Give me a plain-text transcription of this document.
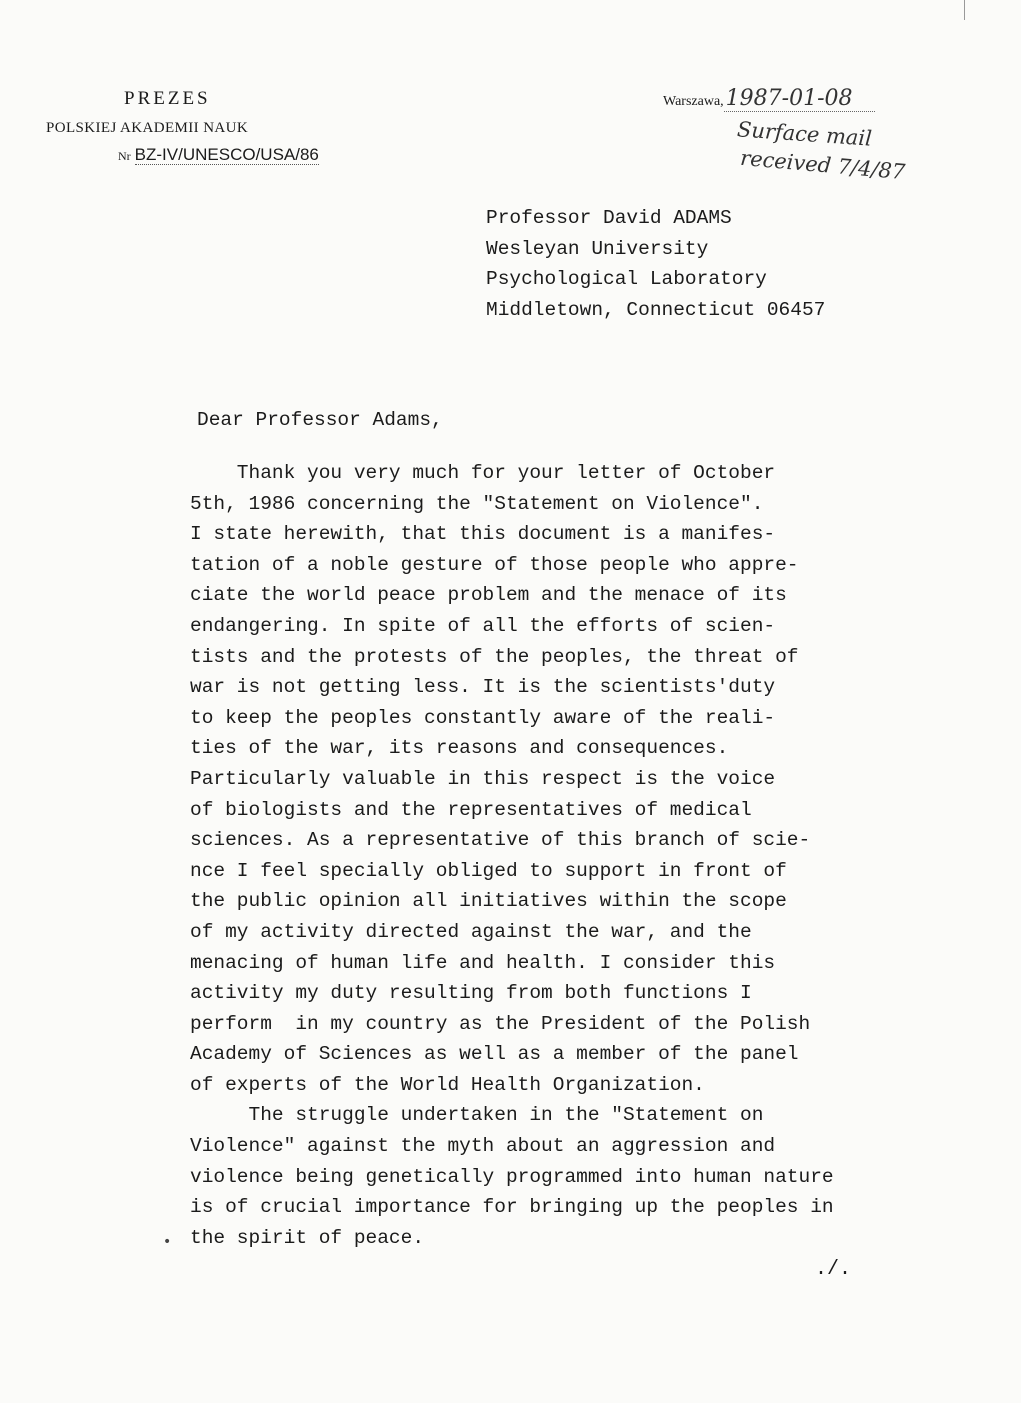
PREZES
POLSKIEJ AKADEMII NAUK
Nr BZ-IV/UNESCO/USA/86
Warszawa,1987-01-08
Surface mail
received 7/4/87
Professor David ADAMS
Wesleyan University
Psychological Laboratory
Middletown, Connecticut 06457
Dear Professor Adams,
Thank you very much for your letter of October
5th, 1986 concerning the "Statement on Violence".
I state herewith, that this document is a manifes-
tation of a noble gesture of those people who appre-
ciate the world peace problem and the menace of its
endangering. In spite of all the efforts of scien-
tists and the protests of the peoples, the threat of
war is not getting less. It is the scientists'duty
to keep the peoples constantly aware of the reali-
ties of the war, its reasons and consequences.
Particularly valuable in this respect is the voice
of biologists and the representatives of medical
sciences. As a representative of this branch of scie-
nce I feel specially obliged to support in front of
the public opinion all initiatives within the scope
of my activity directed against the war, and the
menacing of human life and health. I consider this
activity my duty resulting from both functions I
perform  in my country as the President of the Polish
Academy of Sciences as well as a member of the panel
of experts of the World Health Organization.
The struggle undertaken in the "Statement on
Violence" against the myth about an aggression and
violence being genetically programmed into human nature
is of crucial importance for bringing up the peoples in
the spirit of peace.
•
./.
